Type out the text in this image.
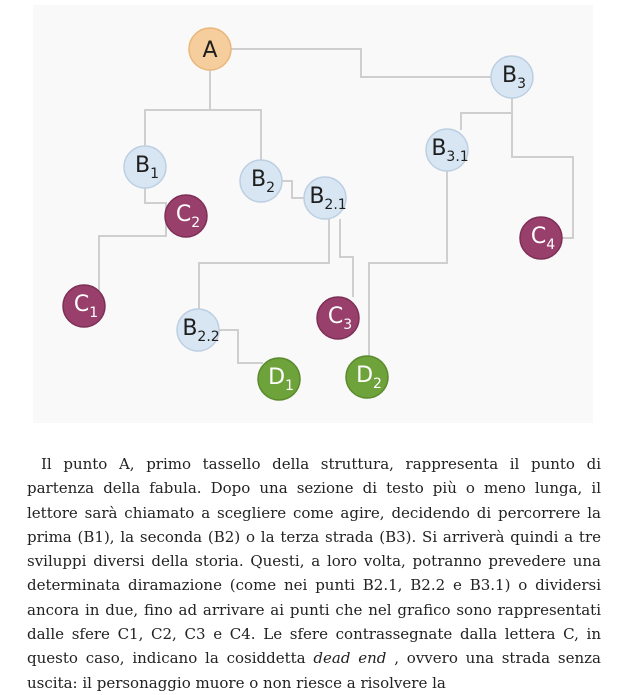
A
$B_3$
$B_1$	$B_2$
$B_{3.1}$
$B_{2.1}$
$C_2$
$C_4$
$C_1$	$C_3$
$B_{2.2}$
$D_1$	$D_2$

Il punto A, primo tassello della struttura, rappresenta il punto di partenza della fabula. Dopo una sezione di testo più o meno lunga, il lettore sarà chiamato a scegliere come agire, decidendo di percorrere la prima (B1), la seconda (B2) o la terza strada (B3). Si arriverà quindi a tre sviluppi diversi della storia. Questi, a loro volta, potranno prevedere una determinata diramazione (come nei punti B2.1, B2.2 e B3.1) o dividersi ancora in due, fino ad arrivare ai punti che nel grafico sono rappresentati dalle sfere C1, C2, C3 e C4. Le sfere contrassegnate dalla lettera C, in questo caso, indicano la cosiddetta dead end , ovvero una strada senza uscita: il personaggio muore o non riesce a risolvere la
